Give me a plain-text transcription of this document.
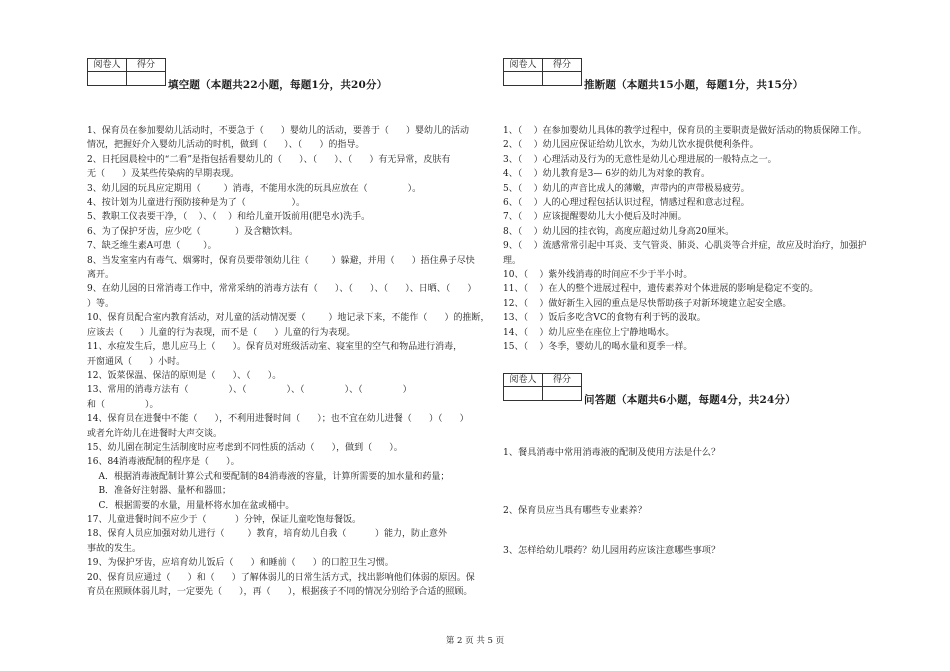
阅卷人	得分

填空题（本题共22小题，每题1分，共20分）

1、保育员在参加婴幼儿活动时，不要急于（      ）婴幼儿的活动，要善于（      ）婴幼儿的活动

情况，把握好介入婴幼儿活动的时机，做到（      ）、（      ）的指导。

2、日托园晨检中的“二看”是指包括看婴幼儿的（      ）、（      ）、（      ）有无异常，皮肤有

无（      ）及某些传染病的早期表现。

3、幼儿园的玩具应定期用（        ）消毒，不能用水洗的玩具应放在（              ）。

4、按计划为儿童进行预防接种是为了（                ）。

5、教职工仪表要干净，（    ）、（    ）和给儿童开饭前用(肥皂水)洗手。

6、为了保护牙齿，应少吃（            ）及含糖饮料。

7、缺乏维生素A可患（        ）。

8、当发室室内有毒气、烟雾时，保育员要带领幼儿往（        ）躲避，并用（      ）捂住鼻子尽快

离开。

9、在幼儿园的日常消毒工作中，常常采纳的消毒方法有（      ）、（      ）、（      ）、日晒、（      ）

）等。

10、保育员配合室内教育活动，对儿童的活动情况要（        ）地记录下来，不能作（      ）的推断，

应该去（      ）儿童的行为表现，而不是（      ）儿童的行为表现。

11、水痘发生后，患儿应马上（      ）。保育员对班级活动室、寝室里的空气和物品进行消毒，

开窗通风（      ）小时。

12、饭菜保温、保洁的原则是（      ）、（      ）。

13、常用的消毒方法有（              ）、（              ）、（              ）、（              ）

和（              ）。

14、保育员在进餐中不能（      ），不利用进餐时间（      ）；也不宜在幼儿进餐（      ）（      ）

或者允许幼儿在进餐时大声交谈。

15、幼儿園在制定生活制度时应考虑到不同性质的活动（      ），做到（      ）。

16、84消毒液配制的程序是（      ）。

A．根据消毒液配制计算公式和要配制的84消毒液的容量，计算所需要的加水量和药量；

B．准备好注射器、量杯和器皿；

C．根据需要的水量，用量杯将水加在盆或桶中。

17、儿童进餐时间不应少于（          ）分钟，保证儿童吃饱每餐饭。

18、保育人员应加强对幼儿进行（        ）教育，培育幼儿自我（          ）能力，防止意外

事故的发生。

19、为保护牙齿，应培育幼儿饭后（      ）和睡前（      ）的口腔卫生习惯。

20、保育员应通过（      ）和（      ）了解体弱儿的日常生活方式，找出影响他们体弱的原因。保

育员在照顾体弱儿时，一定要先（      ），再（      ），根据孩子不同的情况分别给予合适的照顾。

阅卷人	得分

推断题（本题共15小题，每题1分，共15分）

1、（    ）在参加婴幼儿具体的教学过程中，保育员的主要职责是做好活动的物质保障工作。

2、（    ）幼儿园应保证给幼儿饮水，为幼儿饮水提供便利条件。

3、（    ）心理活动及行为的无意性是幼儿心理进展的一般特点之一。

4、（    ）幼儿教育是3— 6岁的幼儿为对象的教育。

5、（    ）幼儿的声音比成人的薄嫩，声带内的声带极易疲劳。

6、（    ）人的心理过程包括认识过程，情感过程和意志过程。

7、（    ）应该提醒婴幼儿大小便后及时冲厕。

8、（    ）幼儿园的挂衣钩，高度应超过幼儿身高20厘米。

9、（    ）流感常常引起中耳炎、支气管炎、肺炎、心肌炎等合并症，故应及时治疗，加强护

理。

10、（    ）紫外线消毒的时间应不少于半小时。

11、（    ）在人的整个进展过程中，遗传素养对个体进展的影响是稳定不变的。

12、（    ）做好新生入园的重点是尽快帮助孩子对新环境建立起安全感。

13、（    ）饭后多吃含VC的食物有利于钙的汲取。

14、（    ）幼儿应坐在座位上宁静地喝水。

15、（    ）冬季，婴幼儿的喝水量和夏季一样。

阅卷人	得分

问答题（本题共6小题，每题4分，共24分）
1、餐具消毒中常用消毒液的配制及使用方法是什么？
2、保育员应当具有哪些专业素养？
3、怎样给幼儿喂药？幼儿园用药应该注意哪些事项？
第 2 页 共 5 页
